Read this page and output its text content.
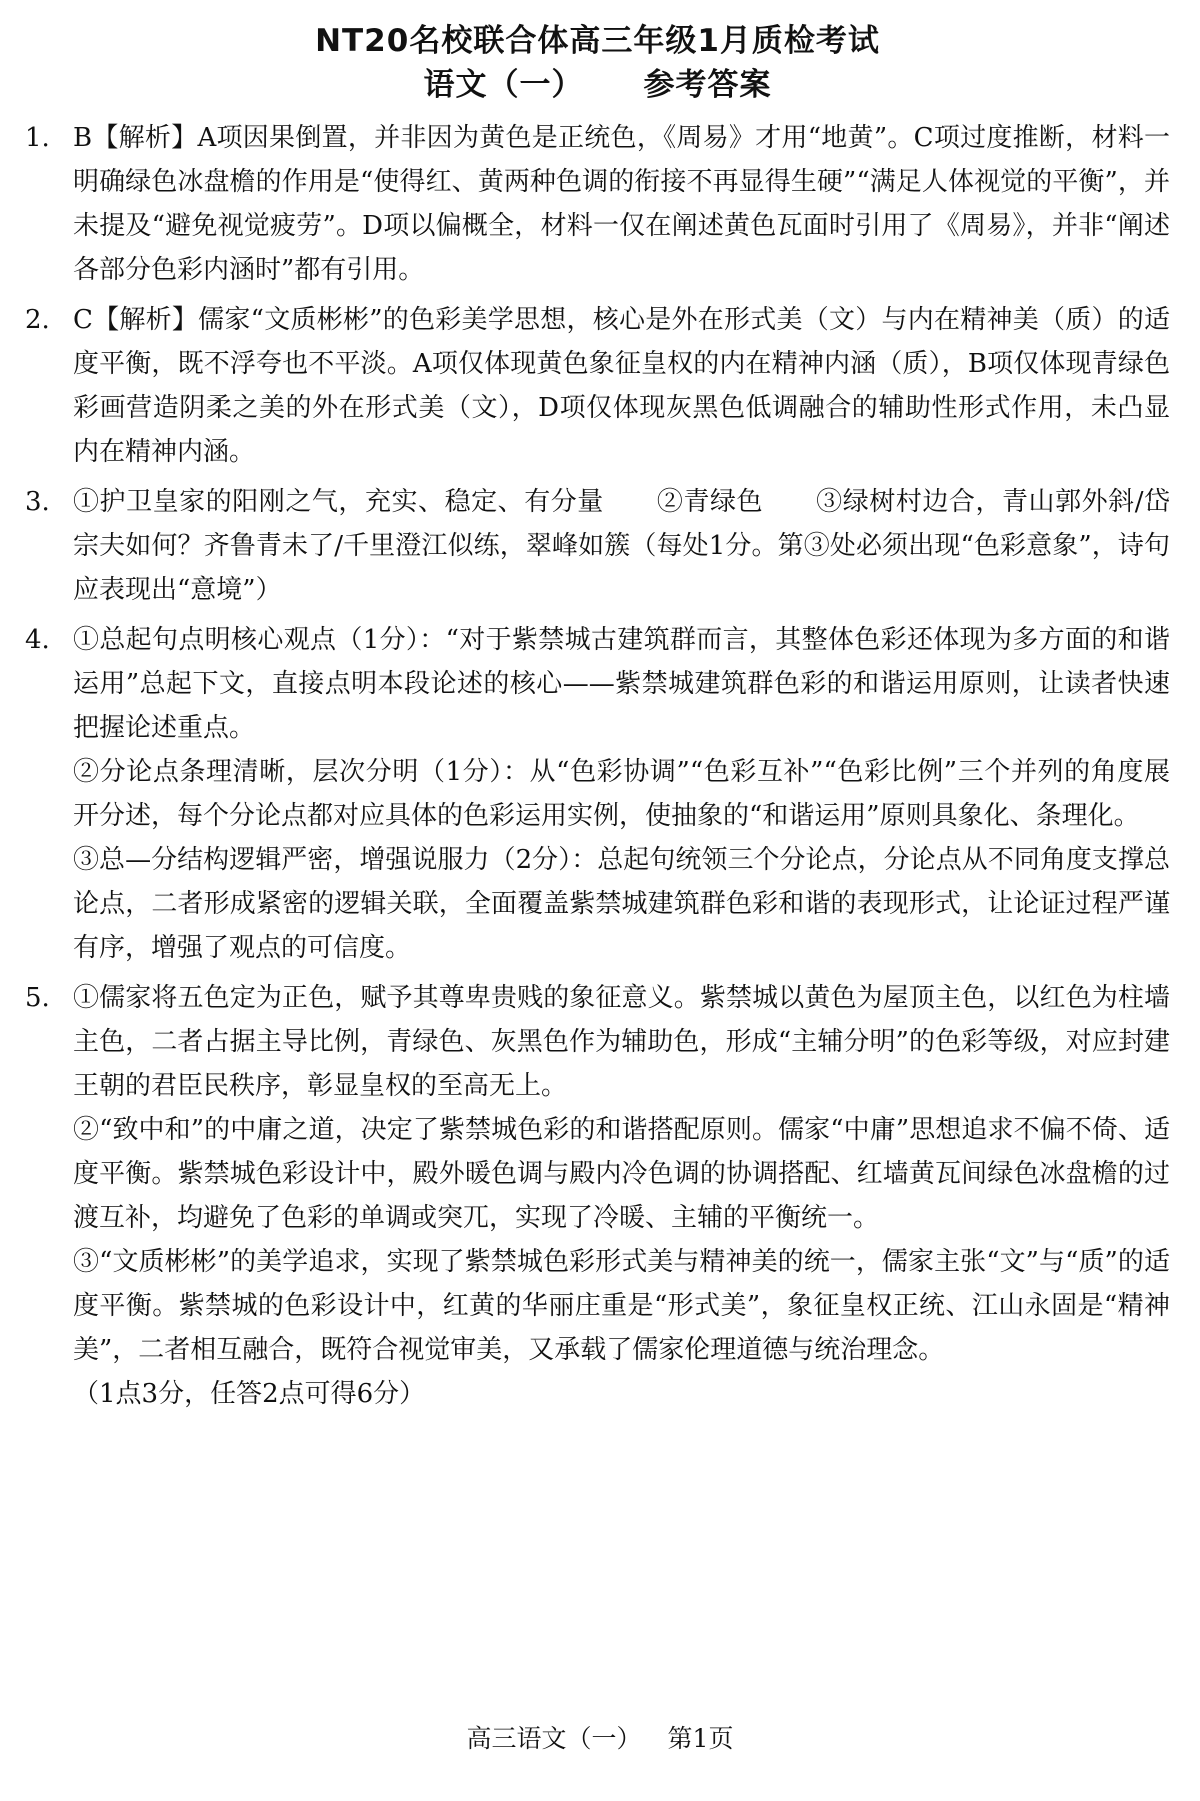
NT20名校联合体高三年级1月质检考试
语文（一） 参考答案
1. B【解析】A项因果倒置，并非因为黄色是正统色，《周易》才用“地黄”。C项过度推断，材料一明确绿色冰盘檐的作用是“使得红、黄两种色调的衔接不再显得生硬”“满足人体视觉的平衡”，并未提及“避免视觉疲劳”。D项以偏概全，材料一仅在阐述黄色瓦面时引用了《周易》，并非“阐述各部分色彩内涵时”都有引用。

2. C【解析】儒家“文质彬彬”的色彩美学思想，核心是外在形式美（文）与内在精神美（质）的适度平衡，既不浮夸也不平淡。A项仅体现黄色象征皇权的内在精神内涵（质），B项仅体现青绿色彩画营造阴柔之美的外在形式美（文），D项仅体现灰黑色低调融合的辅助性形式作用，未凸显内在精神内涵。

3. ①护卫皇家的阳刚之气，充实、稳定、有分量　　②青绿色　　③绿树村边合，青山郭外斜/岱宗夫如何？齐鲁青未了/千里澄江似练，翠峰如簇（每处1分。第③处必须出现“色彩意象”，诗句应表现出“意境”）

4. ①总起句点明核心观点（1分）：“对于紫禁城古建筑群而言，其整体色彩还体现为多方面的和谐运用”总起下文，直接点明本段论述的核心——紫禁城建筑群色彩的和谐运用原则，让读者快速把握论述重点。

②分论点条理清晰，层次分明（1分）：从“色彩协调”“色彩互补”“色彩比例”三个并列的角度展开分述，每个分论点都对应具体的色彩运用实例，使抽象的“和谐运用”原则具象化、条理化。

③总—分结构逻辑严密，增强说服力（2分）：总起句统领三个分论点，分论点从不同角度支撑总论点，二者形成紧密的逻辑关联，全面覆盖紫禁城建筑群色彩和谐的表现形式，让论证过程严谨有序，增强了观点的可信度。

5. ①儒家将五色定为正色，赋予其尊卑贵贱的象征意义。紫禁城以黄色为屋顶主色，以红色为柱墙主色，二者占据主导比例，青绿色、灰黑色作为辅助色，形成“主辅分明”的色彩等级，对应封建王朝的君臣民秩序，彰显皇权的至高无上。

②“致中和”的中庸之道，决定了紫禁城色彩的和谐搭配原则。儒家“中庸”思想追求不偏不倚、适度平衡。紫禁城色彩设计中，殿外暖色调与殿内冷色调的协调搭配、红墙黄瓦间绿色冰盘檐的过渡互补，均避免了色彩的单调或突兀，实现了冷暖、主辅的平衡统一。

③“文质彬彬”的美学追求，实现了紫禁城色彩形式美与精神美的统一，儒家主张“文”与“质”的适度平衡。紫禁城的色彩设计中，红黄的华丽庄重是“形式美”，象征皇权正统、江山永固是“精神美”，二者相互融合，既符合视觉审美，又承载了儒家伦理道德与统治理念。

（1点3分，任答2点可得6分）

高三语文（一） 第1页
